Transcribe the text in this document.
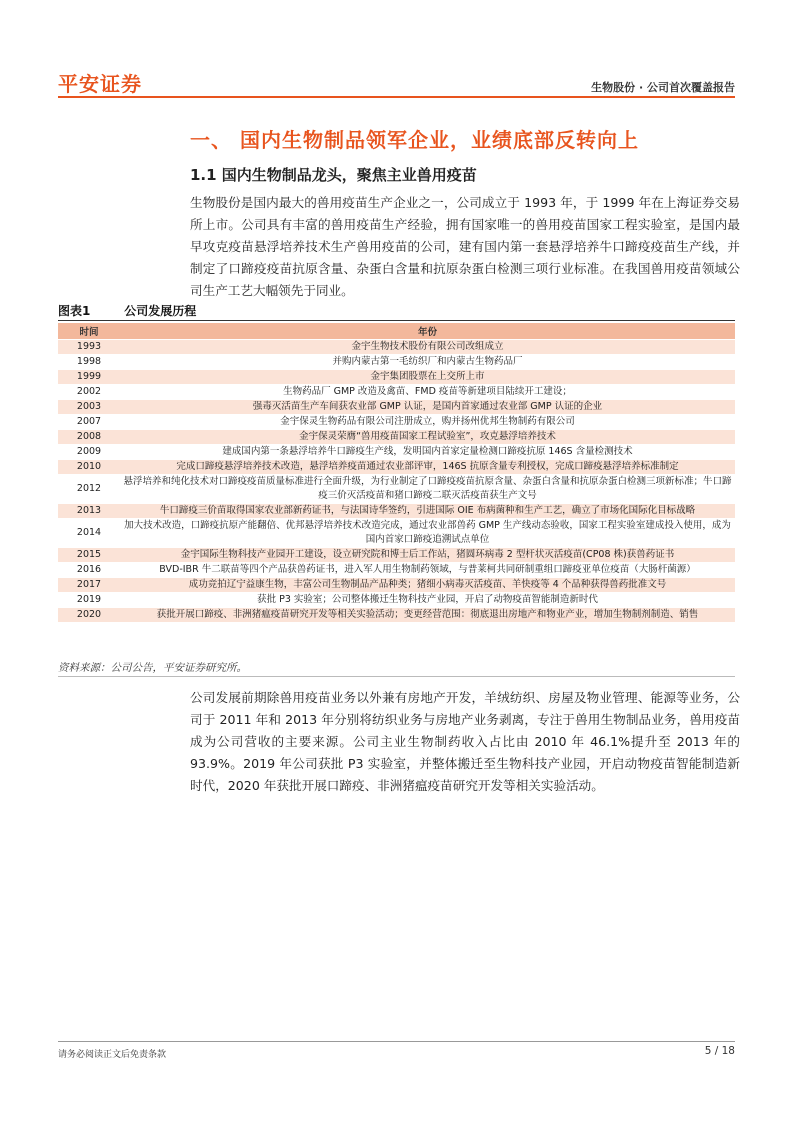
平安证券	生物股份 · 公司首次覆盖报告
一、 国内生物制品领军企业，业绩底部反转向上
1.1 国内生物制品龙头，聚焦主业兽用疫苗

生物股份是国内最大的兽用疫苗生产企业之一，公司成立于 1993 年，于 1999 年在上海证券交易所上市。公司具有丰富的兽用疫苗生产经验，拥有国家唯一的兽用疫苗国家工程实验室，是国内最早攻克疫苗悬浮培养技术生产兽用疫苗的公司，建有国内第一套悬浮培养牛口蹄疫疫苗生产线，并制定了口蹄疫疫苗抗原含量、杂蛋白含量和抗原杂蛋白检测三项行业标准。在我国兽用疫苗领域公司生产工艺大幅领先于同业。

图表1	公司发展历程
时间	年份
1993	金宇生物技术股份有限公司改组成立
1998	并购内蒙古第一毛纺织厂和内蒙古生物药品厂
1999	金宇集团股票在上交所上市
2002	生物药品厂 GMP 改造及禽苗、FMD 疫苗等新建项目陆续开工建设；
2003	强毒灭活苗生产车间获农业部 GMP 认证，是国内首家通过农业部 GMP 认证的企业
2007	金宇保灵生物药品有限公司注册成立，购并扬州优邦生物制药有限公司
2008	金宇保灵荣膺“兽用疫苗国家工程试验室”，攻克悬浮培养技术
2009	建成国内第一条悬浮培养牛口蹄疫生产线，发明国内首家定量检测口蹄疫抗原 146S 含量检测技术
2010	完成口蹄疫悬浮培养技术改造，悬浮培养疫苗通过农业部评审，146S 抗原含量专利授权，完成口蹄疫悬浮培养标准制定
2012	悬浮培养和纯化技术对口蹄疫疫苗质量标准进行全面升级，为行业制定了口蹄疫疫苗抗原含量、杂蛋白含量和抗原杂蛋白检测三项新标准；牛口蹄疫三价灭活疫苗和猪口蹄疫二联灭活疫苗获生产文号
2013	牛口蹄疫三价苗取得国家农业部新药证书，与法国诗华签约，引进国际 OIE 布病菌种和生产工艺，确立了市场化国际化目标战略
2014	加大技术改造，口蹄疫抗原产能翻倍、优邦悬浮培养技术改造完成，通过农业部兽药 GMP 生产线动态验收，国家工程实验室建成投入使用，成为国内首家口蹄疫追溯试点单位
2015	金宇国际生物科技产业园开工建设，设立研究院和博士后工作站，猪圆环病毒 2 型杆状灭活疫苗(CP08 株)获兽药证书
2016	BVD-IBR 牛二联苗等四个产品获兽药证书，进入军人用生物制药领域，与普莱柯共同研制重组口蹄疫亚单位疫苗（大肠杆菌源）
2017	成功竞拍辽宁益康生物，丰富公司生物制品产品种类；猪细小病毒灭活疫苗、羊快疫等 4 个品种获得兽药批准文号
2019	获批 P3 实验室；公司整体搬迁生物科技产业园，开启了动物疫苗智能制造新时代
2020	获批开展口蹄疫、非洲猪瘟疫苗研究开发等相关实验活动；变更经营范围：彻底退出房地产和物业产业，增加生物制剂制造、销售
资料来源：公司公告，平安证券研究所。

公司发展前期除兽用疫苗业务以外兼有房地产开发，羊绒纺织、房屋及物业管理、能源等业务，公司于 2011 年和 2013 年分别将纺织业务与房地产业务剥离，专注于兽用生物制品业务，兽用疫苗成为公司营收的主要来源。公司主业生物制药收入占比由 2010 年 46.1%提升至 2013 年的 93.9%。2019 年公司获批 P3 实验室，并整体搬迁至生物科技产业园，开启动物疫苗智能制造新时代，2020 年获批开展口蹄疫、非洲猪瘟疫苗研究开发等相关实验活动。

请务必阅读正文后免责条款	5 / 18
